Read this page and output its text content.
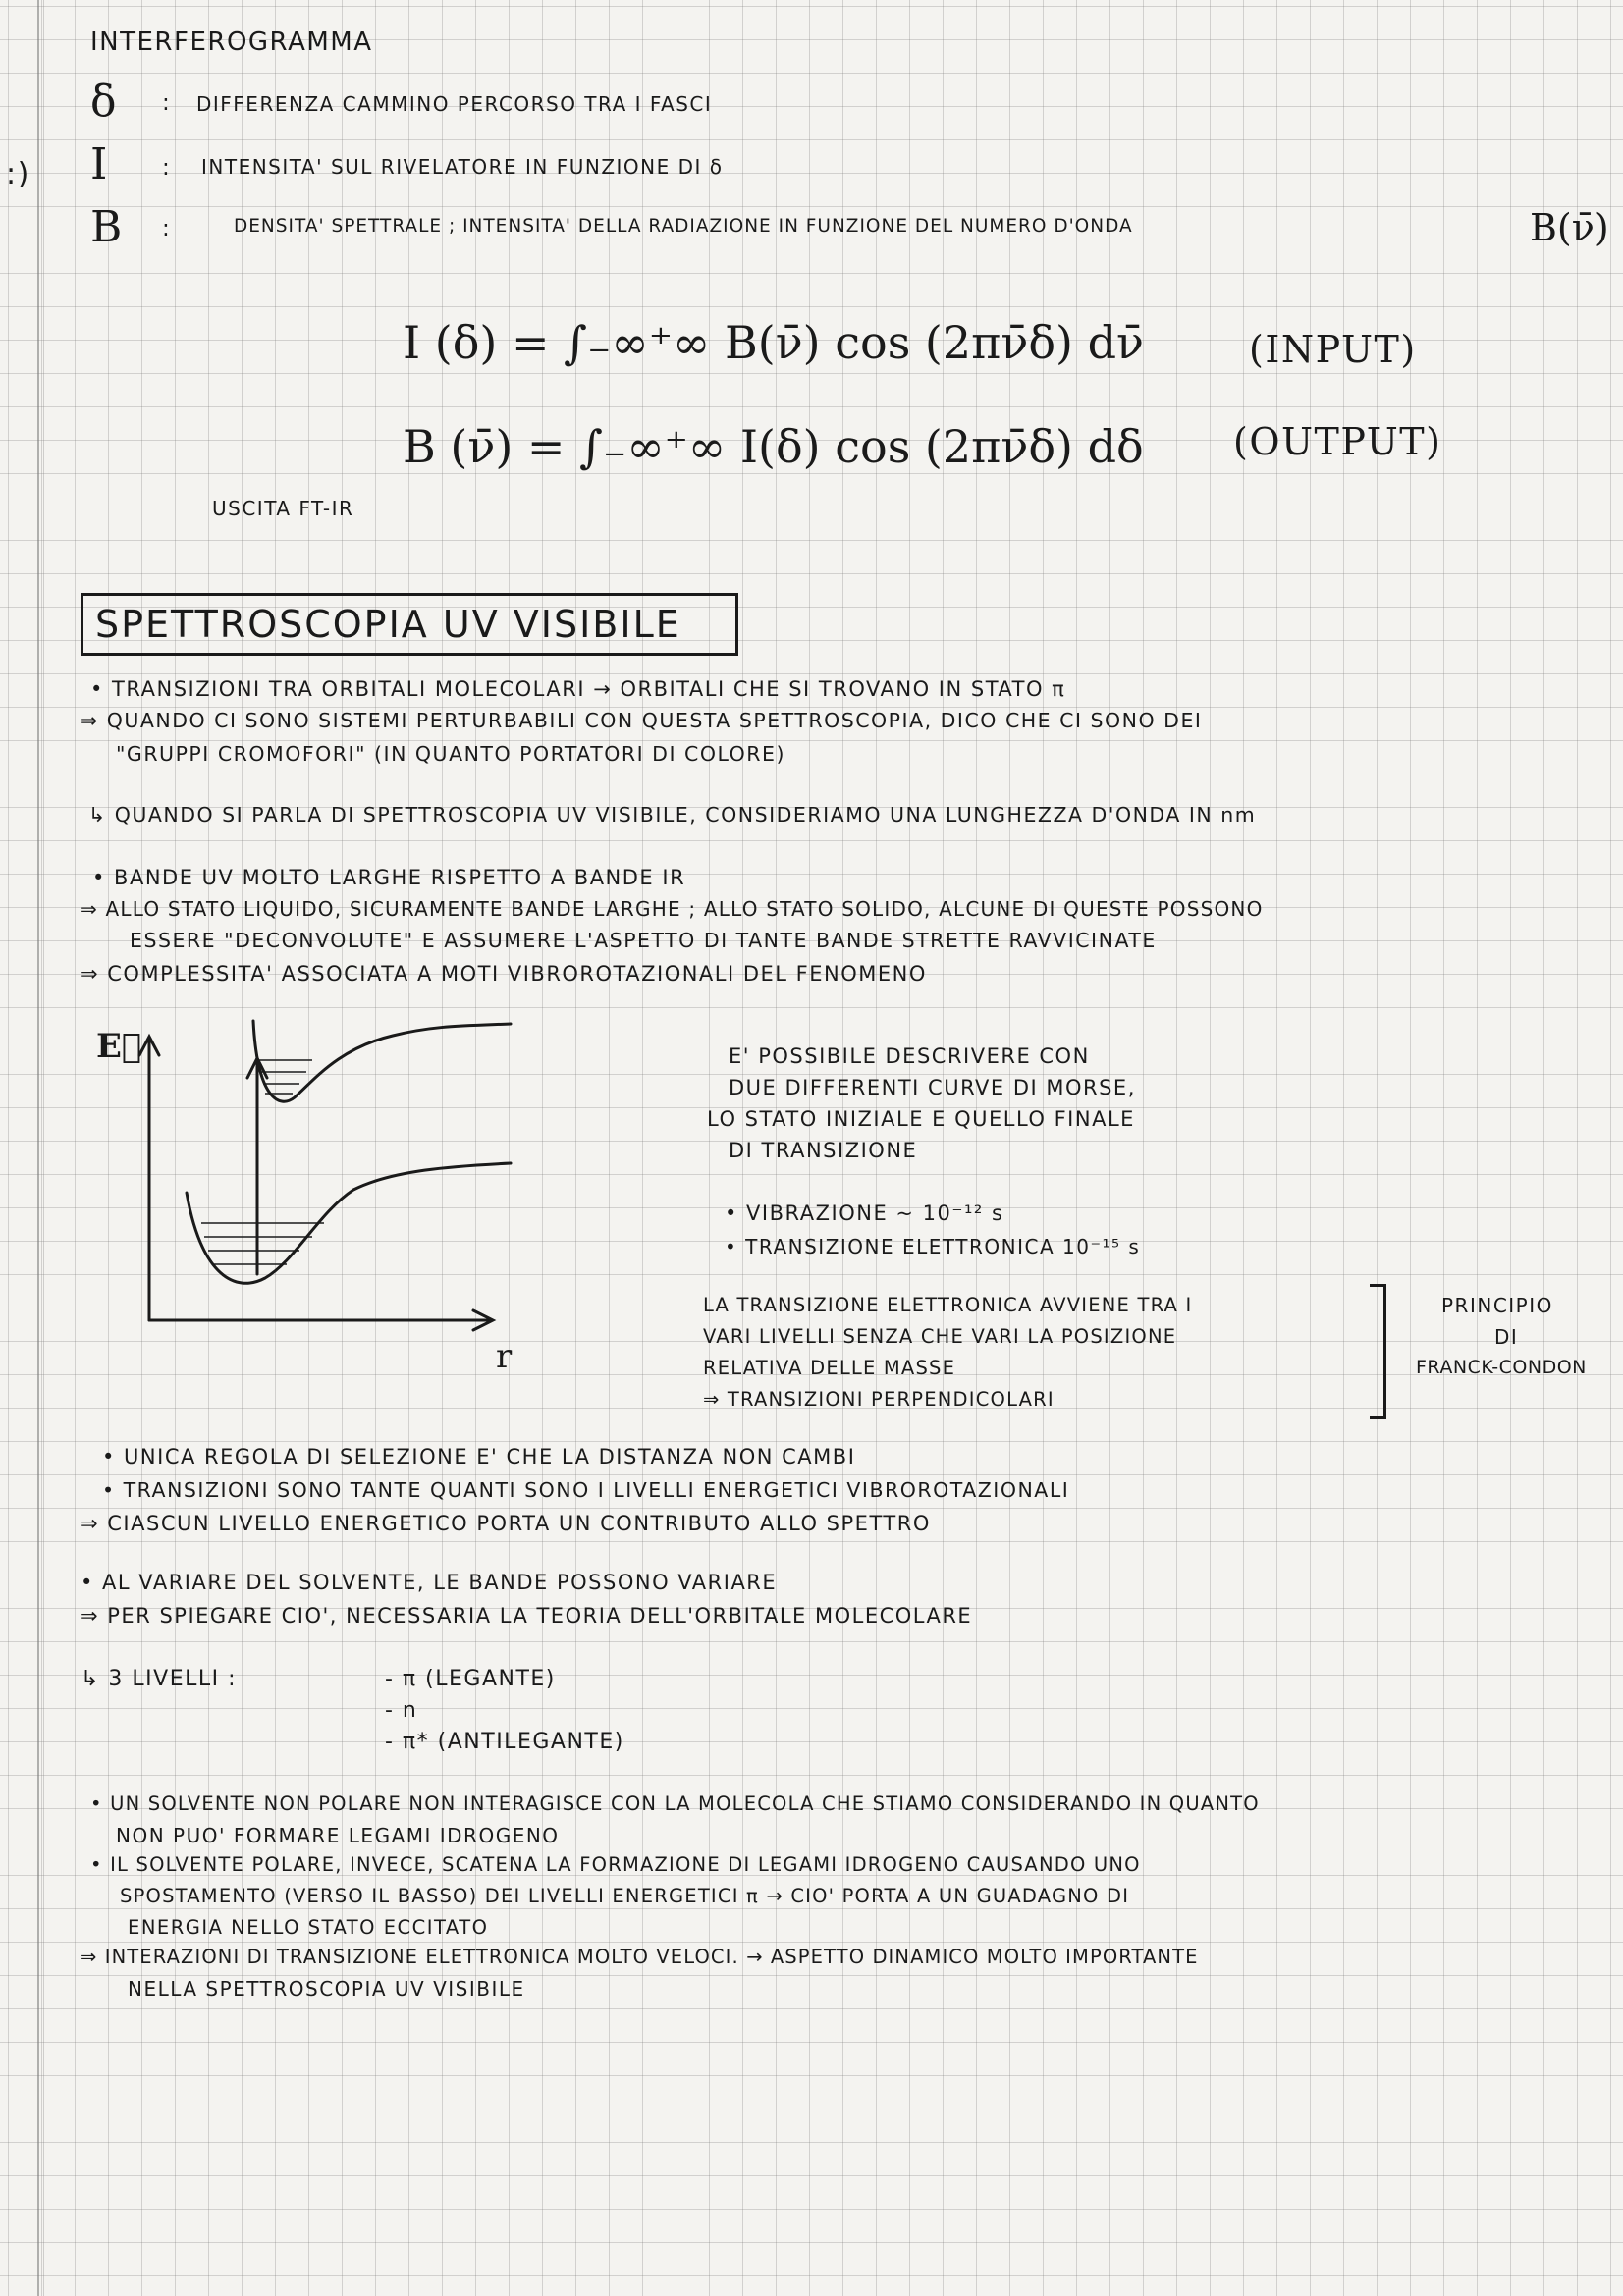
:)
INTERFEROGRAMMA
δ : DIFFERENZA CAMMINO PERCORSO TRA I FASCI
I : INTENSITA' SUL RIVELATORE IN FUNZIONE DI δ
B :	DENSITA' SPETTRALE ; INTENSITA' DELLA RADIAZIONE IN FUNZIONE DEL NUMERO D'ONDA	B(ν̄)
I (δ) = ∫₋∞⁺∞ B(ν̄) cos (2πν̄δ) dν̄	(INPUT)
B (ν̄) = ∫₋∞⁺∞ I(δ) cos (2πν̄δ) dδ (OUTPUT)
USCITA FT-IR
SPETTROSCOPIA UV VISIBILE
• TRANSIZIONI TRA ORBITALI MOLECOLARI → ORBITALI CHE SI TROVANO IN STATO π
⇒ QUANDO CI SONO SISTEMI PERTURBABILI CON QUESTA SPETTROSCOPIA, DICO CHE CI SONO DEI
"GRUPPI CROMOFORI" (IN QUANTO PORTATORI DI COLORE)
↳ QUANDO SI PARLA DI SPETTROSCOPIA UV VISIBILE, CONSIDERIAMO UNA LUNGHEZZA D'ONDA IN nm
• BANDE UV MOLTO LARGHE RISPETTO A BANDE IR
⇒ ALLO STATO LIQUIDO, SICURAMENTE BANDE LARGHE ; ALLO STATO SOLIDO, ALCUNE DI QUESTE POSSONO
ESSERE "DECONVOLUTE" E ASSUMERE L'ASPETTO DI TANTE BANDE STRETTE RAVVICINATE
⇒ COMPLESSITA' ASSOCIATA A MOTI VIBROROTAZIONALI DEL FENOMENO
E⃗
r
E' POSSIBILE DESCRIVERE CON
DUE DIFFERENTI CURVE DI MORSE,
LO STATO INIZIALE E QUELLO FINALE
DI TRANSIZIONE
• VIBRAZIONE ~ 10⁻¹² s
• TRANSIZIONE ELETTRONICA 10⁻¹⁵ s
LA TRANSIZIONE ELETTRONICA AVVIENE TRA I
VARI LIVELLI SENZA CHE VARI LA POSIZIONE
RELATIVA DELLE MASSE
⇒ TRANSIZIONI PERPENDICOLARI
PRINCIPIO
DI
FRANCK-CONDON
• UNICA REGOLA DI SELEZIONE E' CHE LA DISTANZA NON CAMBI
• TRANSIZIONI SONO TANTE QUANTI SONO I LIVELLI ENERGETICI VIBROROTAZIONALI
⇒ CIASCUN LIVELLO ENERGETICO PORTA UN CONTRIBUTO ALLO SPETTRO
• AL VARIARE DEL SOLVENTE, LE BANDE POSSONO VARIARE
⇒ PER SPIEGARE CIO', NECESSARIA LA TEORIA DELL'ORBITALE MOLECOLARE
↳ 3 LIVELLI :	- π (LEGANTE)
- n
- π* (ANTILEGANTE)
• UN SOLVENTE NON POLARE NON INTERAGISCE CON LA MOLECOLA CHE STIAMO CONSIDERANDO IN QUANTO
NON PUO' FORMARE LEGAMI IDROGENO
• IL SOLVENTE POLARE, INVECE, SCATENA LA FORMAZIONE DI LEGAMI IDROGENO CAUSANDO UNO
SPOSTAMENTO (VERSO IL BASSO) DEI LIVELLI ENERGETICI π → CIO' PORTA A UN GUADAGNO DI
ENERGIA NELLO STATO ECCITATO
⇒ INTERAZIONI DI TRANSIZIONE ELETTRONICA MOLTO VELOCI. → ASPETTO DINAMICO MOLTO IMPORTANTE
NELLA SPETTROSCOPIA UV VISIBILE
